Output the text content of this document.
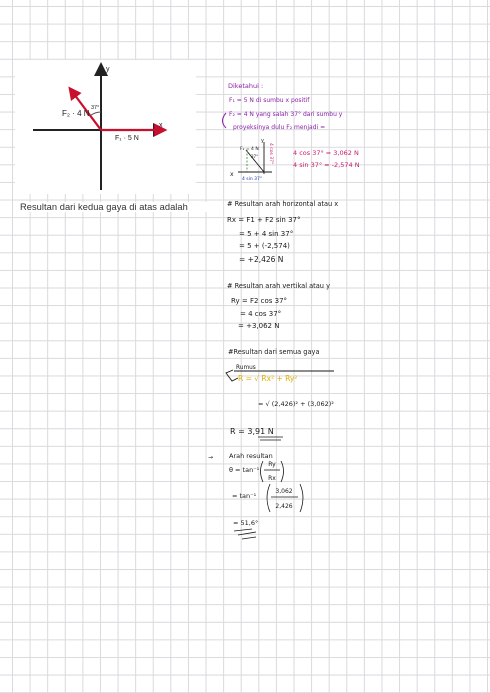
y
x
F₂ · 4 N
37°
F₁ · 5 N
Resultan dari kedua gaya di atas adalah
Diketahui :
F₁ = 5 N di sumbu x positif
F₂ = 4 N yang salah 37° dari sumbu y
proyeksinya dulu F₂ menjadi =
y
x
F₂ = 4 N
37° 4 cos 37°
4 sin 37°
4 cos 37° = 3,062 N
4 sin 37° = -2,574 N
# Resultan arah horizontal atau x
Rx = F1 + F2 sin 37°
= 5 + 4 sin 37°
= 5 + (-2,574)
= +2,426 N
# Resultan arah vertikal atau y
Ry = F2 cos 37°
= 4 cos 37°
= +3,062 N
#Resultan dari semua gaya
Rumus
R = √ Rx² + Ry²
= √ (2,426)² + (3,062)²
R = 3,91 N
→ Arah resultan
θ = tan⁻¹
Ry
Rx
= tan⁻¹
3,062
2,426
= 51,6°
